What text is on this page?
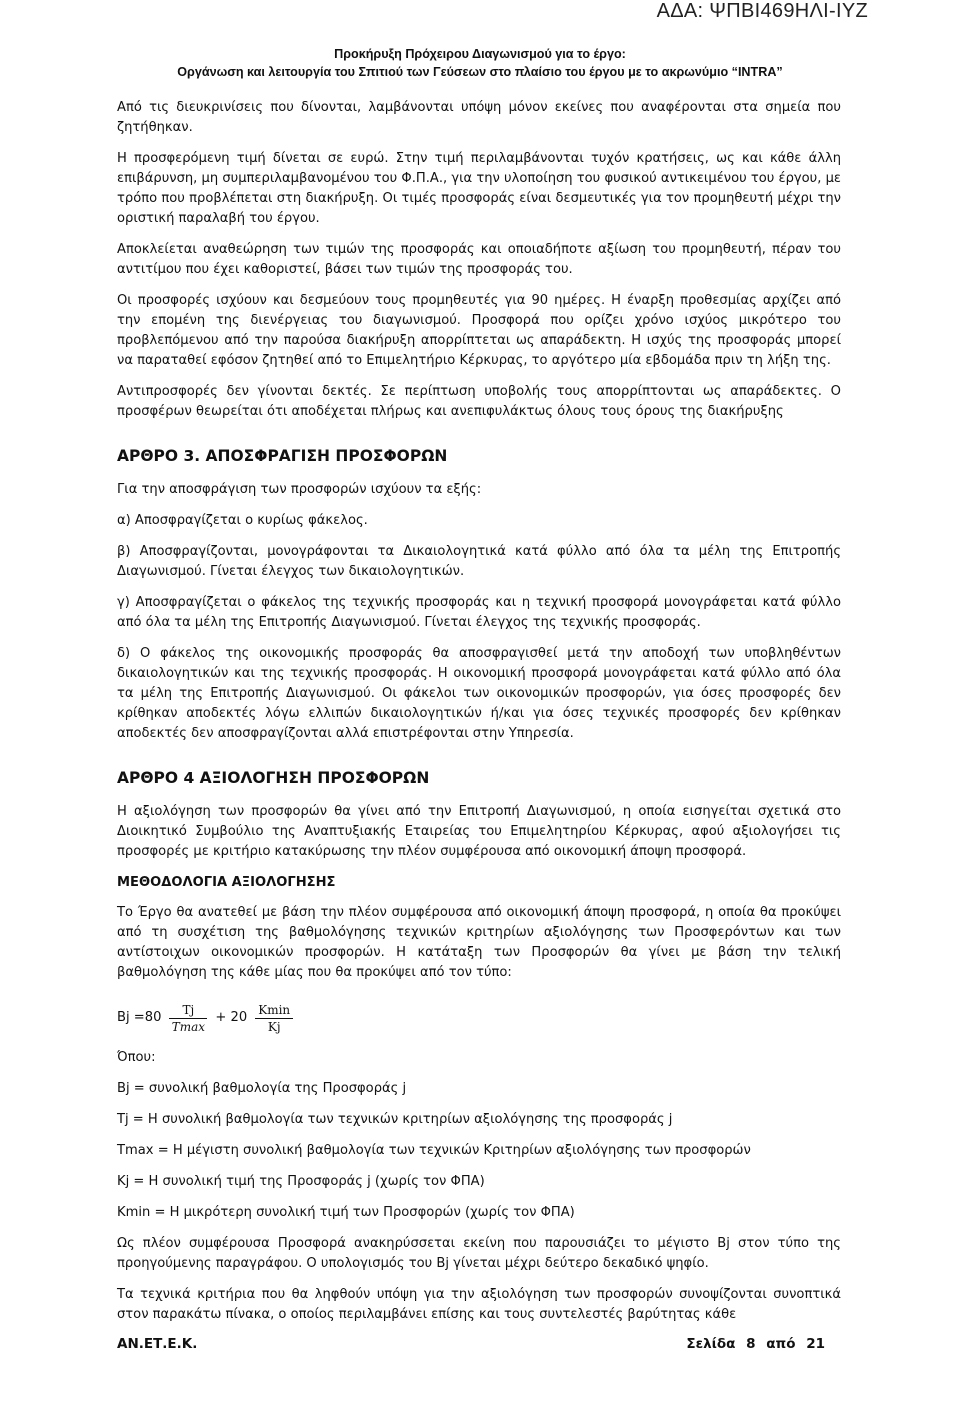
ΑΔΑ: ΨΠΒΙ469ΗΛΙ-ΙΥΖ
Προκήρυξη Πρόχειρου Διαγωνισμού για το έργο:
Οργάνωση και λειτουργία του Σπιτιού των Γεύσεων στο πλαίσιο του έργου με το ακρωνύμιο “INTRA”

Από τις διευκρινίσεις που δίνονται, λαμβάνονται υπόψη μόνον εκείνες που αναφέρονται στα σημεία που ζητήθηκαν.

Η προσφερόμενη τιμή δίνεται σε ευρώ. Στην τιμή περιλαμβάνονται τυχόν κρατήσεις, ως και κάθε άλλη επιβάρυνση, μη συμπεριλαμβανομένου του Φ.Π.Α., για την υλοποίηση του φυσικού αντικειμένου του έργου, με τρόπο που προβλέπεται στη διακήρυξη. Οι τιμές προσφοράς είναι δεσμευτικές για τον προμηθευτή μέχρι την οριστική παραλαβή του έργου.

Αποκλείεται αναθεώρηση των τιμών της προσφοράς και οποιαδήποτε αξίωση του προμηθευτή, πέραν του αντιτίμου που έχει καθοριστεί, βάσει των τιμών της προσφοράς του.

Οι προσφορές ισχύουν και δεσμεύουν τους προμηθευτές για 90 ημέρες. Η έναρξη προθεσμίας αρχίζει από την επομένη της διενέργειας του διαγωνισμού. Προσφορά που ορίζει χρόνο ισχύος μικρότερο του προβλεπόμενου από την παρούσα διακήρυξη απορρίπτεται ως απαράδεκτη. Η ισχύς της προσφοράς μπορεί να παραταθεί εφόσον ζητηθεί από το Επιμελητήριο Κέρκυρας, το αργότερο μία εβδομάδα πριν τη λήξη της.

Αντιπροσφορές δεν γίνονται δεκτές. Σε περίπτωση υποβολής τους απορρίπτονται ως απαράδεκτες. Ο προσφέρων θεωρείται ότι αποδέχεται πλήρως και ανεπιφυλάκτως όλους τους όρους της διακήρυξης

ΑΡΘΡΟ 3. ΑΠΟΣΦΡΑΓΙΣΗ ΠΡΟΣΦΟΡΩΝ

Για την αποσφράγιση των προσφορών ισχύουν τα εξής:

α) Αποσφραγίζεται ο κυρίως φάκελος.

β) Αποσφραγίζονται, μονογράφονται τα Δικαιολογητικά κατά φύλλο από όλα τα μέλη της Επιτροπής Διαγωνισμού. Γίνεται έλεγχος των δικαιολογητικών.

γ) Αποσφραγίζεται ο φάκελος της τεχνικής προσφοράς και η τεχνική προσφορά μονογράφεται κατά φύλλο από όλα τα μέλη της Επιτροπής Διαγωνισμού. Γίνεται έλεγχος της τεχνικής προσφοράς.

δ) Ο φάκελος της οικονομικής προσφοράς θα αποσφραγισθεί μετά την αποδοχή των υποβληθέντων δικαιολογητικών και της τεχνικής προσφοράς. Η οικονομική προσφορά μονογράφεται κατά φύλλο από όλα τα μέλη της Επιτροπής Διαγωνισμού. Οι φάκελοι των οικονομικών προσφορών, για όσες προσφορές δεν κρίθηκαν αποδεκτές λόγω ελλιπών δικαιολογητικών ή/και για όσες τεχνικές προσφορές δεν κρίθηκαν αποδεκτές δεν αποσφραγίζονται αλλά επιστρέφονται στην Υπηρεσία.

ΑΡΘΡΟ 4 ΑΞΙΟΛΟΓΗΣΗ ΠΡΟΣΦΟΡΩΝ

Η αξιολόγηση των προσφορών θα γίνει από την Επιτροπή Διαγωνισμού, η οποία εισηγείται σχετικά στο Διοικητικό Συμβούλιο της Αναπτυξιακής Εταιρείας του Επιμελητηρίου Κέρκυρας, αφού αξιολογήσει τις προσφορές με κριτήριο κατακύρωσης την πλέον συμφέρουσα από οικονομική άποψη προσφορά.

ΜΕΘΟΔΟΛΟΓΙΑ ΑΞΙΟΛΟΓΗΣΗΣ

Το Έργο θα ανατεθεί με βάση την πλέον συμφέρουσα από οικονομική άποψη προσφορά, η οποία θα προκύψει από τη συσχέτιση της βαθμολόγησης τεχνικών κριτηρίων αξιολόγησης των Προσφερόντων και των αντίστοιχων οικονομικών προσφορών. Η κατάταξη των Προσφορών θα γίνει με βάση την τελική βαθμολόγηση της κάθε μίας που θα προκύψει από τον τύπο:

$Bj =80 \frac{Tj}{Tmax} + 20 \frac{Kmin}{Kj}$

Όπου:

Bj = συνολική βαθμολογία της Προσφοράς j

Tj = Η συνολική βαθμολογία των τεχνικών κριτηρίων αξιολόγησης της προσφοράς j

Tmax = Η μέγιστη συνολική βαθμολογία των τεχνικών Κριτηρίων αξιολόγησης των προσφορών

Kj = Η συνολική τιμή της Προσφοράς j (χωρίς τον ΦΠΑ)

Kmin = Η μικρότερη συνολική τιμή των Προσφορών (χωρίς τον ΦΠΑ)

Ως πλέον συμφέρουσα Προσφορά ανακηρύσσεται εκείνη που παρουσιάζει το μέγιστο Bj στον τύπο της προηγούμενης παραγράφου. Ο υπολογισμός του Bj γίνεται μέχρι δεύτερο δεκαδικό ψηφίο.

Τα τεχνικά κριτήρια που θα ληφθούν υπόψη για την αξιολόγηση των προσφορών συνοψίζονται συνοπτικά στον παρακάτω πίνακα, ο οποίος περιλαμβάνει επίσης και τους συντελεστές βαρύτητας κάθε

ΑΝ.ΕΤ.Ε.Κ.	Σελίδα 8 από 21
